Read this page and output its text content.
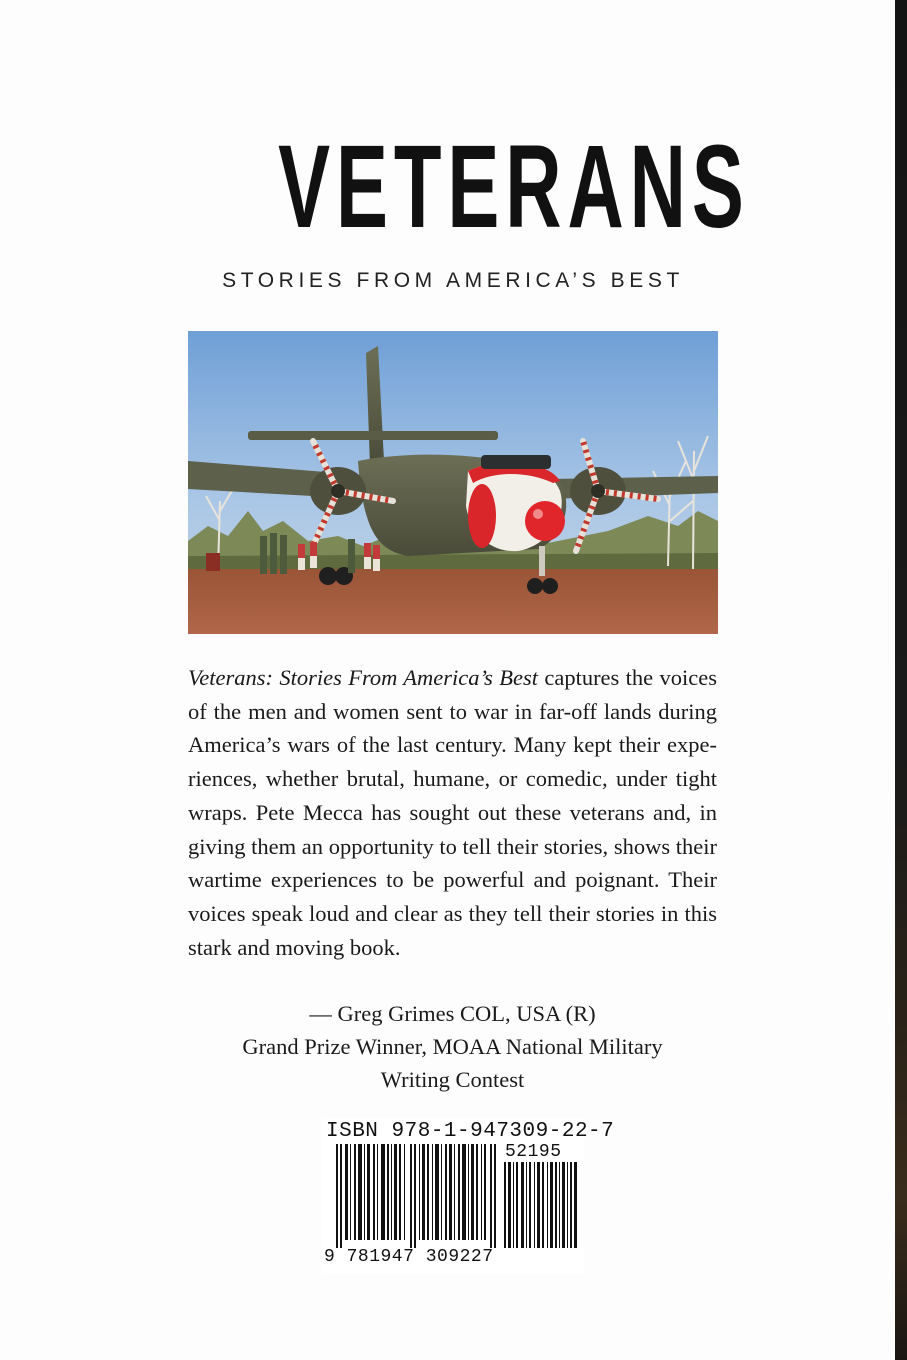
VETERANS
STORIES FROM AMERICA’S BEST

Veterans: Stories From America’s Best captures the voices of the men and women sent to war in far-off lands during America’s wars of the last century. Many kept their expe-riences, whether brutal, humane, or comedic, under tight wraps. Pete Mecca has sought out these veterans and, in giving them an opportunity to tell their stories, shows their wartime experiences to be powerful and poignant. Their voices speak loud and clear as they tell their stories in this stark and moving book.

— Greg Grimes COL, USA (R)
Grand Prize Winner, MOAA National Military
Writing Contest
ISBN 978-1-947309-22-7
52195
9 781947 309227
